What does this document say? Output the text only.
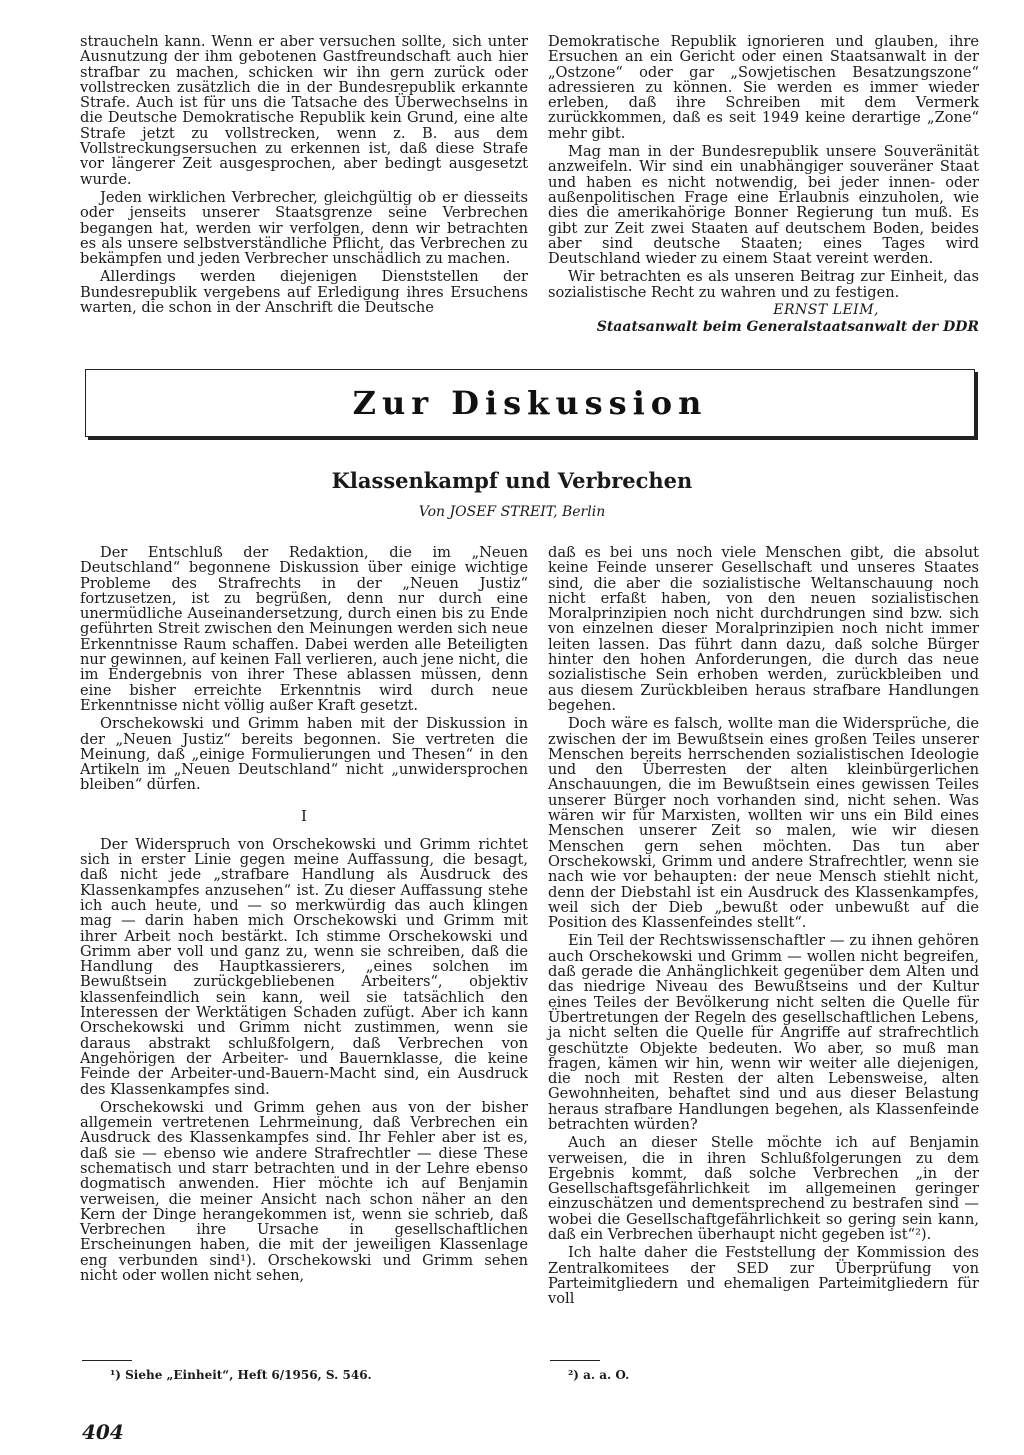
straucheln kann. Wenn er aber versuchen sollte, sich unter Ausnutzung der ihm gebotenen Gastfreundschaft auch hier strafbar zu machen, schicken wir ihn gern zurück oder vollstrecken zusätzlich die in der Bundesrepublik erkannte Strafe. Auch ist für uns die Tatsache des Überwechselns in die Deutsche Demokratische Republik kein Grund, eine alte Strafe jetzt zu vollstrecken, wenn z. B. aus dem Vollstreckungsersuchen zu erkennen ist, daß diese Strafe vor längerer Zeit ausgesprochen, aber bedingt ausgesetzt wurde.

Jeden wirklichen Verbrecher, gleichgültig ob er diesseits oder jenseits unserer Staatsgrenze seine Verbrechen begangen hat, werden wir verfolgen, denn wir betrachten es als unsere selbstverständliche Pflicht, das Verbrechen zu bekämpfen und jeden Verbrecher unschädlich zu machen.

Allerdings werden diejenigen Dienststellen der Bundesrepublik vergebens auf Erledigung ihres Ersuchens warten, die schon in der Anschrift die Deutsche

Demokratische Republik ignorieren und glauben, ihre Ersuchen an ein Gericht oder einen Staatsanwalt in der „Ostzone“ oder gar „Sowjetischen Besatzungszone“ adressieren zu können. Sie werden es immer wieder erleben, daß ihre Schreiben mit dem Vermerk zurückkommen, daß es seit 1949 keine derartige „Zone“ mehr gibt.

Mag man in der Bundesrepublik unsere Souveränität anzweifeln. Wir sind ein unabhängiger souveräner Staat und haben es nicht notwendig, bei jeder innen- oder außenpolitischen Frage eine Erlaubnis einzuholen, wie dies die amerikahörige Bonner Regierung tun muß. Es gibt zur Zeit zwei Staaten auf deutschem Boden, beides aber sind deutsche Staaten; eines Tages wird Deutschland wieder zu einem Staat vereint werden.

Wir betrachten es als unseren Beitrag zur Einheit, das sozialistische Recht zu wahren und zu festigen.

ERNST LEIM,
Staatsanwalt beim Generalstaatsanwalt der DDR
Zur Diskussion
Klassenkampf und Verbrechen

Von JOSEF STREIT, Berlin

Der Entschluß der Redaktion, die im „Neuen Deutschland“ begonnene Diskussion über einige wichtige Probleme des Strafrechts in der „Neuen Justiz“ fortzusetzen, ist zu begrüßen, denn nur durch eine unermüdliche Auseinandersetzung, durch einen bis zu Ende geführten Streit zwischen den Meinungen werden sich neue Erkenntnisse Raum schaffen. Dabei werden alle Beteiligten nur gewinnen, auf keinen Fall verlieren, auch jene nicht, die im Endergebnis von ihrer These ablassen müssen, denn eine bisher erreichte Erkenntnis wird durch neue Erkenntnisse nicht völlig außer Kraft gesetzt.

Orschekowski und Grimm haben mit der Diskussion in der „Neuen Justiz“ bereits begonnen. Sie vertreten die Meinung, daß „einige Formulierungen und Thesen“ in den Artikeln im „Neuen Deutschland“ nicht „unwidersprochen bleiben“ dürfen.

I

Der Widerspruch von Orschekowski und Grimm richtet sich in erster Linie gegen meine Auffassung, die besagt, daß nicht jede „strafbare Handlung als Ausdruck des Klassenkampfes anzusehen“ ist. Zu dieser Auffassung stehe ich auch heute, und — so merkwürdig das auch klingen mag — darin haben mich Orschekowski und Grimm mit ihrer Arbeit noch bestärkt. Ich stimme Orschekowski und Grimm aber voll und ganz zu, wenn sie schreiben, daß die Handlung des Hauptkassierers, „eines solchen im Bewußtsein zurückgebliebenen Arbeiters“, objektiv klassenfeindlich sein kann, weil sie tatsächlich den Interessen der Werktätigen Schaden zufügt. Aber ich kann Orschekowski und Grimm nicht zustimmen, wenn sie daraus abstrakt schlußfolgern, daß Verbrechen von Angehörigen der Arbeiter- und Bauernklasse, die keine Feinde der Arbeiter-und-Bauern-Macht sind, ein Ausdruck des Klassenkampfes sind.

Orschekowski und Grimm gehen aus von der bisher allgemein vertretenen Lehrmeinung, daß Verbrechen ein Ausdruck des Klassenkampfes sind. Ihr Fehler aber ist es, daß sie — ebenso wie andere Strafrechtler — diese These schematisch und starr betrachten und in der Lehre ebenso dogmatisch anwenden. Hier möchte ich auf Benjamin verweisen, die meiner Ansicht nach schon näher an den Kern der Dinge herangekommen ist, wenn sie schrieb, daß Verbrechen ihre Ursache in gesellschaftlichen Erscheinungen haben, die mit der jeweiligen Klassenlage eng verbunden sind¹). Orschekowski und Grimm sehen nicht oder wollen nicht sehen,

daß es bei uns noch viele Menschen gibt, die absolut keine Feinde unserer Gesellschaft und unseres Staates sind, die aber die sozialistische Weltanschauung noch nicht erfaßt haben, von den neuen sozialistischen Moralprinzipien noch nicht durchdrungen sind bzw. sich von einzelnen dieser Moralprinzipien noch nicht immer leiten lassen. Das führt dann dazu, daß solche Bürger hinter den hohen Anforderungen, die durch das neue sozialistische Sein erhoben werden, zurückbleiben und aus diesem Zurückbleiben heraus strafbare Handlungen begehen.

Doch wäre es falsch, wollte man die Widersprüche, die zwischen der im Bewußtsein eines großen Teiles unserer Menschen bereits herrschenden sozialistischen Ideologie und den Überresten der alten kleinbürgerlichen Anschauungen, die im Bewußtsein eines gewissen Teiles unserer Bürger noch vorhanden sind, nicht sehen. Was wären wir für Marxisten, wollten wir uns ein Bild eines Menschen unserer Zeit so malen, wie wir diesen Menschen gern sehen möchten. Das tun aber Orschekowski, Grimm und andere Strafrechtler, wenn sie nach wie vor behaupten: der neue Mensch stiehlt nicht, denn der Diebstahl ist ein Ausdruck des Klassenkampfes, weil sich der Dieb „bewußt oder unbewußt auf die Position des Klassenfeindes stellt“.

Ein Teil der Rechtswissenschaftler — zu ihnen gehören auch Orschekowski und Grimm — wollen nicht begreifen, daß gerade die Anhänglichkeit gegenüber dem Alten und das niedrige Niveau des Bewußtseins und der Kultur eines Teiles der Bevölkerung nicht selten die Quelle für Übertretungen der Regeln des gesellschaftlichen Lebens, ja nicht selten die Quelle für Angriffe auf strafrechtlich geschützte Objekte bedeuten. Wo aber, so muß man fragen, kämen wir hin, wenn wir weiter alle diejenigen, die noch mit Resten der alten Lebensweise, alten Gewohnheiten, behaftet sind und aus dieser Belastung heraus strafbare Handlungen begehen, als Klassenfeinde betrachten würden?

Auch an dieser Stelle möchte ich auf Benjamin verweisen, die in ihren Schlußfolgerungen zu dem Ergebnis kommt, daß solche Verbrechen „in der Gesellschaftsgefährlichkeit im allgemeinen geringer einzuschätzen und dementsprechend zu bestrafen sind — wobei die Gesellschaftgefährlichkeit so gering sein kann, daß ein Verbrechen überhaupt nicht gegeben ist“²).

Ich halte daher die Feststellung der Kommission des Zentralkomitees der SED zur Überprüfung von Parteimitgliedern und ehemaligen Parteimitgliedern für voll

¹) Siehe „Einheit“, Heft 6/1956, S. 546.	²) a. a. O.

404
